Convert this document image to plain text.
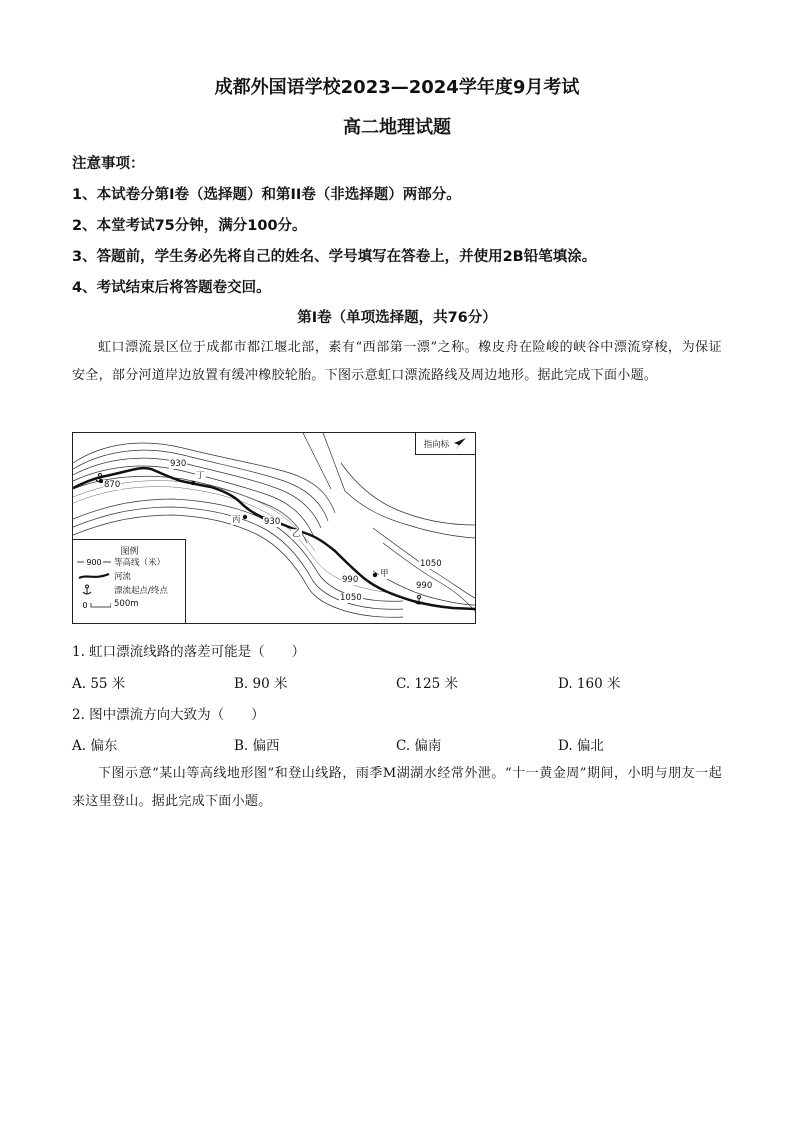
成都外国语学校2023—2024学年度9月考试
高二地理试题
注意事项：
1、本试卷分第I卷（选择题）和第II卷（非选择题）两部分。
2、本堂考试75分钟，满分100分。
3、答题前，学生务必先将自己的姓名、学号填写在答卷上，并使用2B铅笔填涂。
4、考试结束后将答题卷交回。
第I卷（单项选择题，共76分）
虹口漂流景区位于成都市都江堰北部，素有“西部第一漂”之称。橡皮舟在险峻的峡谷中漂流穿梭，为保证安全，部分河道岸边放置有缓冲橡胶轮胎。下图示意虹口漂流路线及周边地形。据此完成下面小题。
870
930
930
990
990
1050
1050
丁
丙
乙
甲
指向标
图例
900 等高线（米）
河流
漂流起点/终点
0	500m
1. 虹口漂流线路的落差可能是（　　）
A. 55 米	B. 90 米	C. 125 米	D. 160 米
2. 图中漂流方向大致为（　　）
A. 偏东	B. 偏西	C. 偏南	D. 偏北
下图示意“某山等高线地形图”和登山线路，雨季M湖湖水经常外泄。“十一黄金周”期间，小明与朋友一起来这里登山。据此完成下面小题。
